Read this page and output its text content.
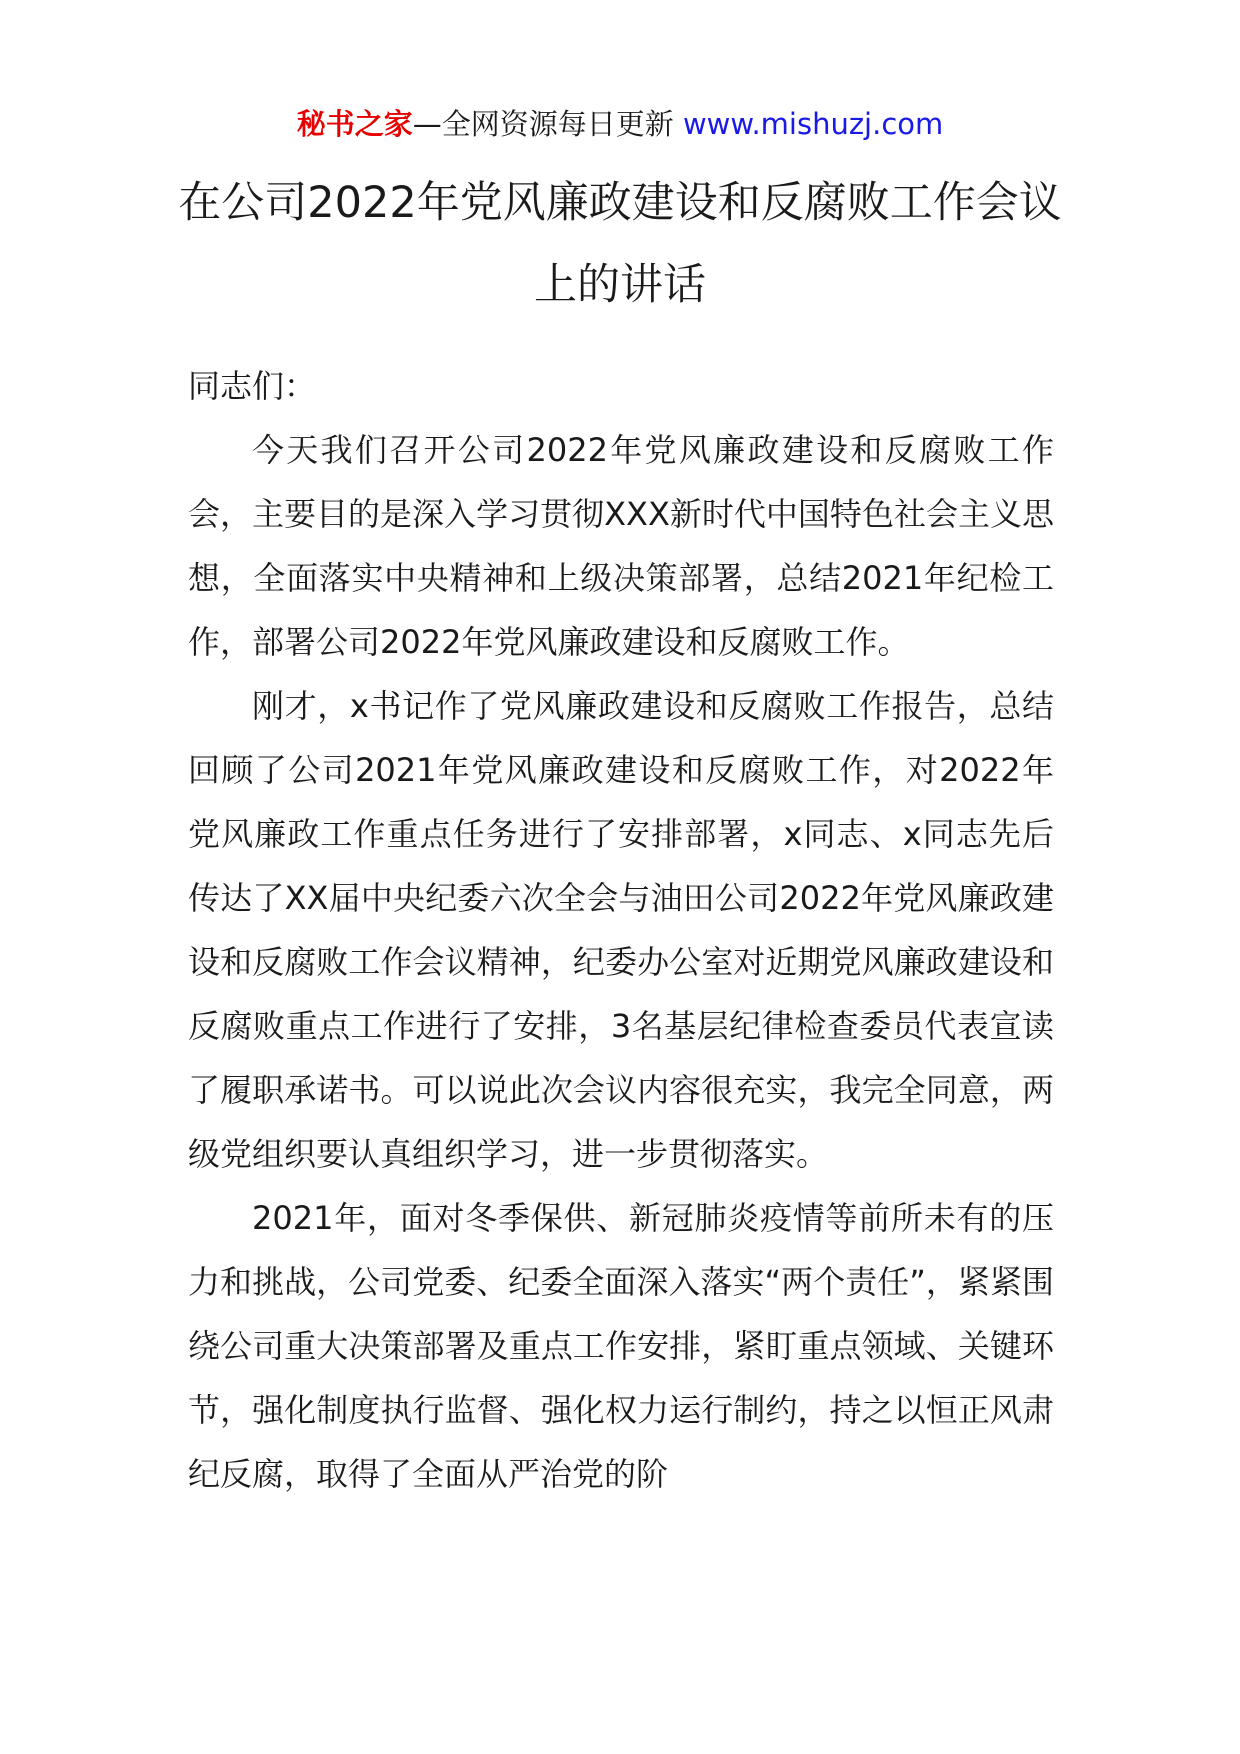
秘书之家—全网资源每日更新 www.mishuzj.com
在公司2022年党风廉政建设和反腐败工作会议上的讲话

同志们：

今天我们召开公司2022年党风廉政建设和反腐败工作会，主要目的是深入学习贯彻XXX新时代中国特色社会主义思想，全面落实中央精神和上级决策部署，总结2021年纪检工作，部署公司2022年党风廉政建设和反腐败工作。

刚才，x书记作了党风廉政建设和反腐败工作报告，总结回顾了公司2021年党风廉政建设和反腐败工作，对2022年党风廉政工作重点任务进行了安排部署，x同志、x同志先后传达了XX届中央纪委六次全会与油田公司2022年党风廉政建设和反腐败工作会议精神，纪委办公室对近期党风廉政建设和反腐败重点工作进行了安排，3名基层纪律检查委员代表宣读了履职承诺书。可以说此次会议内容很充实，我完全同意，两级党组织要认真组织学习，进一步贯彻落实。

2021年，面对冬季保供、新冠肺炎疫情等前所未有的压力和挑战，公司党委、纪委全面深入落实“两个责任”，紧紧围绕公司重大决策部署及重点工作安排，紧盯重点领域、关键环节，强化制度执行监督、强化权力运行制约，持之以恒正风肃纪反腐，取得了全面从严治党的阶
